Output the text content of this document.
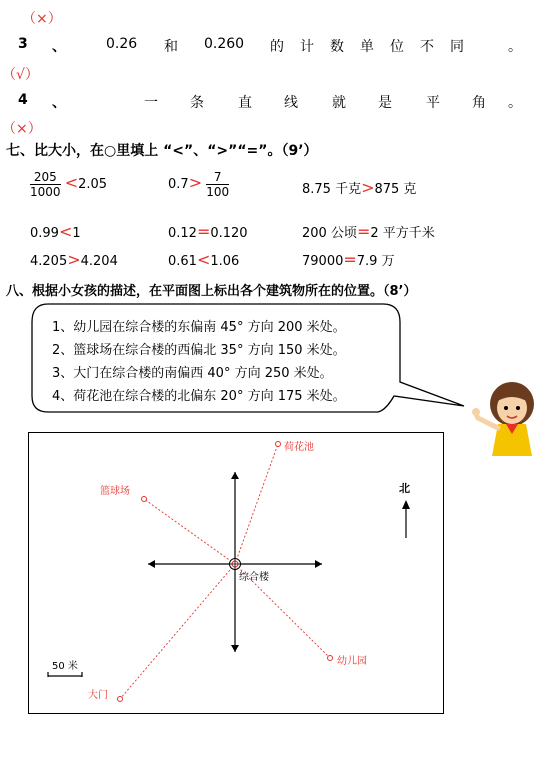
（×）
3 、	0.26 和 0.260 的 计 数 单 位 不 同	。
（√）
4 、	一 条 直 线 就 是 平 角 。
（×）
七、比大小，在○里填上 “<”、“>”“=”。（9’）
$\frac{205}{1000} <2.05$	$0.7> \frac{7}{100}$	8.75 千克>875 克
0.99<1	0.12=0.120	200 公顷=2 平方千米
4.205>4.204	0.61<1.06	79000=7.9 万
八、根据小女孩的描述，在平面图上标出各个建筑物所在的位置。（8’）
1、幼儿园在综合楼的东偏南 45° 方向 200 米处。
2、篮球场在综合楼的西偏北 35° 方向 150 米处。
3、大门在综合楼的南偏西 40° 方向 250 米处。
4、荷花池在综合楼的北偏东 20° 方向 175 米处。
荷花池
篮球场
幼儿园
大门
综合楼
北
50 米
